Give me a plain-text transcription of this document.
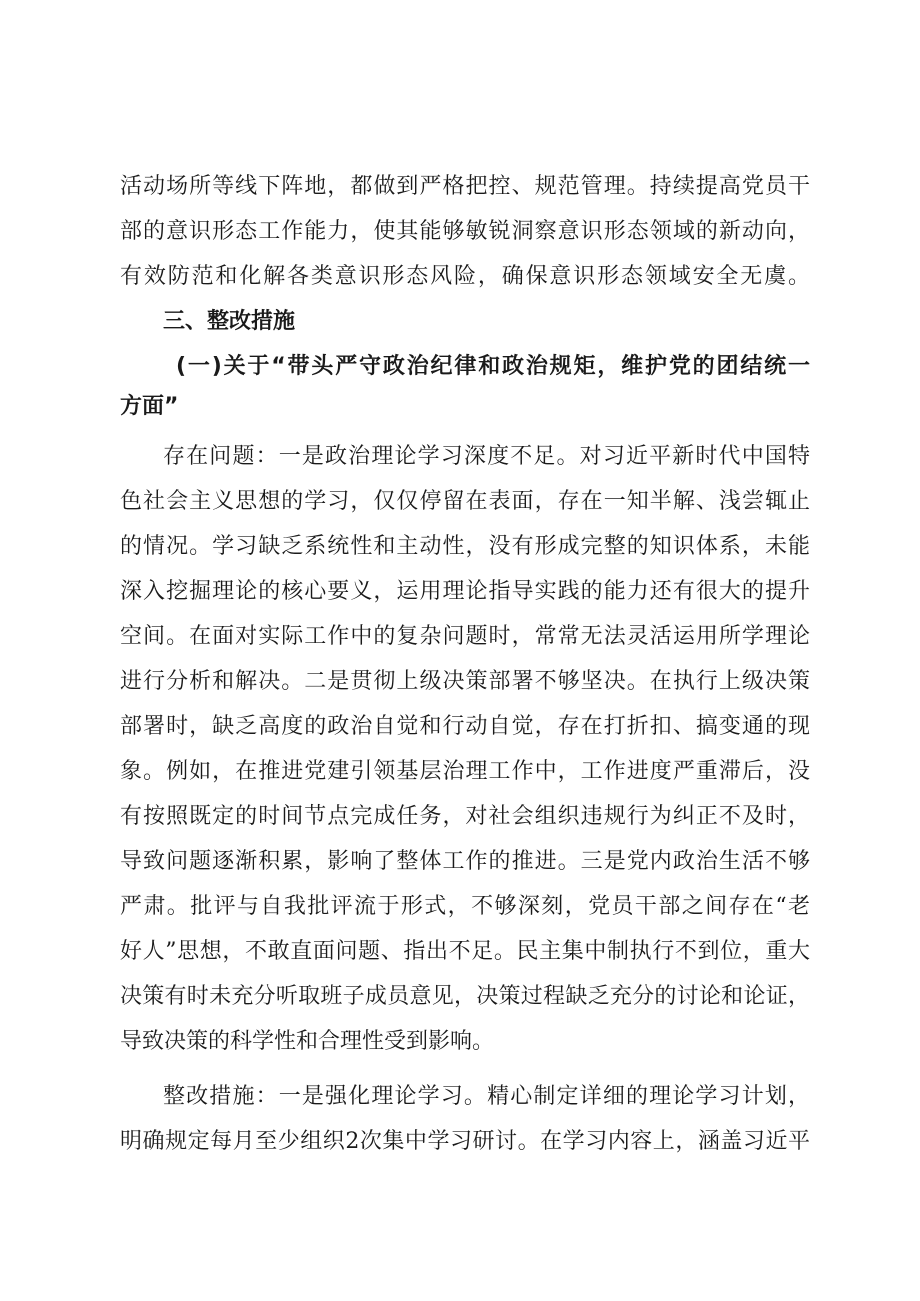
活动场所等线下阵地，都做到严格把控、规范管理。持续提高党员干
部的意识形态工作能力，使其能够敏锐洞察意识形态领域的新动向，
有效防范和化解各类意识形态风险，确保意识形态领域安全无虞。
三、整改措施
(一)关于“带头严守政治纪律和政治规矩，维护党的团结统一
方面”
存在问题：一是政治理论学习深度不足。对习近平新时代中国特
色社会主义思想的学习，仅仅停留在表面，存在一知半解、浅尝辄止
的情况。学习缺乏系统性和主动性，没有形成完整的知识体系，未能
深入挖掘理论的核心要义，运用理论指导实践的能力还有很大的提升
空间。在面对实际工作中的复杂问题时，常常无法灵活运用所学理论
进行分析和解决。二是贯彻上级决策部署不够坚决。在执行上级决策
部署时，缺乏高度的政治自觉和行动自觉，存在打折扣、搞变通的现
象。例如，在推进党建引领基层治理工作中，工作进度严重滞后，没
有按照既定的时间节点完成任务，对社会组织违规行为纠正不及时，
导致问题逐渐积累，影响了整体工作的推进。三是党内政治生活不够
严肃。批评与自我批评流于形式，不够深刻，党员干部之间存在“老
好人”思想，不敢直面问题、指出不足。民主集中制执行不到位，重大
决策有时未充分听取班子成员意见，决策过程缺乏充分的讨论和论证，
导致决策的科学性和合理性受到影响。
整改措施：一是强化理论学习。精心制定详细的理论学习计划，
明确规定每月至少组织2次集中学习研讨。在学习内容上，涵盖习近平
